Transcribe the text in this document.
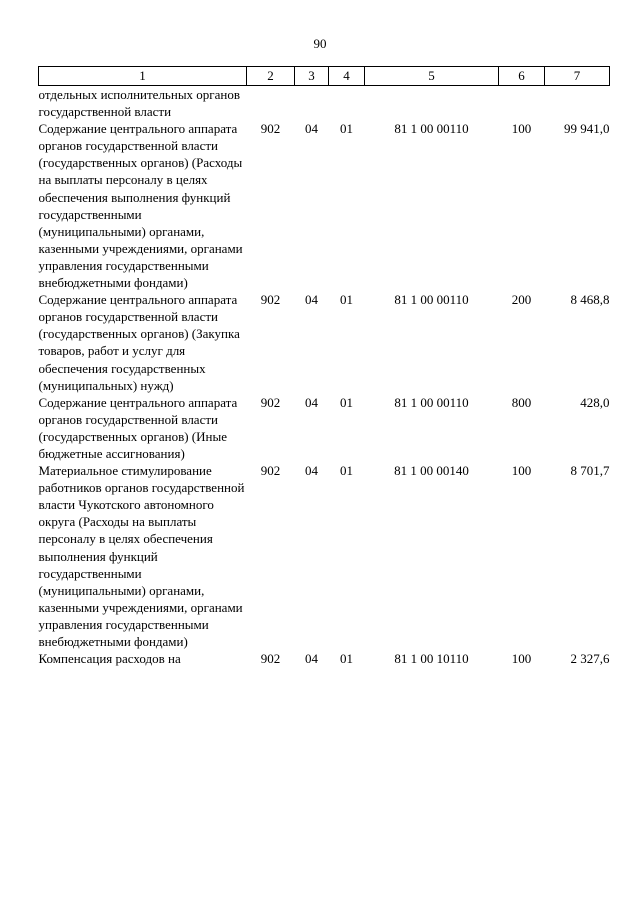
90
1	2	3	4	5	6	7
отдельных исполнительных органов государственной власти						
Содержание центрального аппарата органов государственной власти (государственных органов) (Расходы на выплаты персоналу в целях обеспечения выполнения функций государственными (муниципальными) органами, казенными учреждениями, органами управления государственными внебюджетными фондами)	902	04	01	81 1 00 00110	100	99 941,0
Содержание центрального аппарата органов государственной власти (государственных органов) (Закупка товаров, работ и услуг для обеспечения государственных (муниципальных) нужд)	902	04	01	81 1 00 00110	200	8 468,8
Содержание центрального аппарата органов государственной власти (государственных органов) (Иные бюджетные ассигнования)	902	04	01	81 1 00 00110	800	428,0
Материальное стимулирование работников органов государственной власти Чукотского автономного округа (Расходы на выплаты персоналу в целях обеспечения выполнения функций государственными (муниципальными) органами, казенными учреждениями, органами управления государственными внебюджетными фондами)	902	04	01	81 1 00 00140	100	8 701,7
Компенсация расходов на	902	04	01	81 1 00 10110	100	2 327,6
